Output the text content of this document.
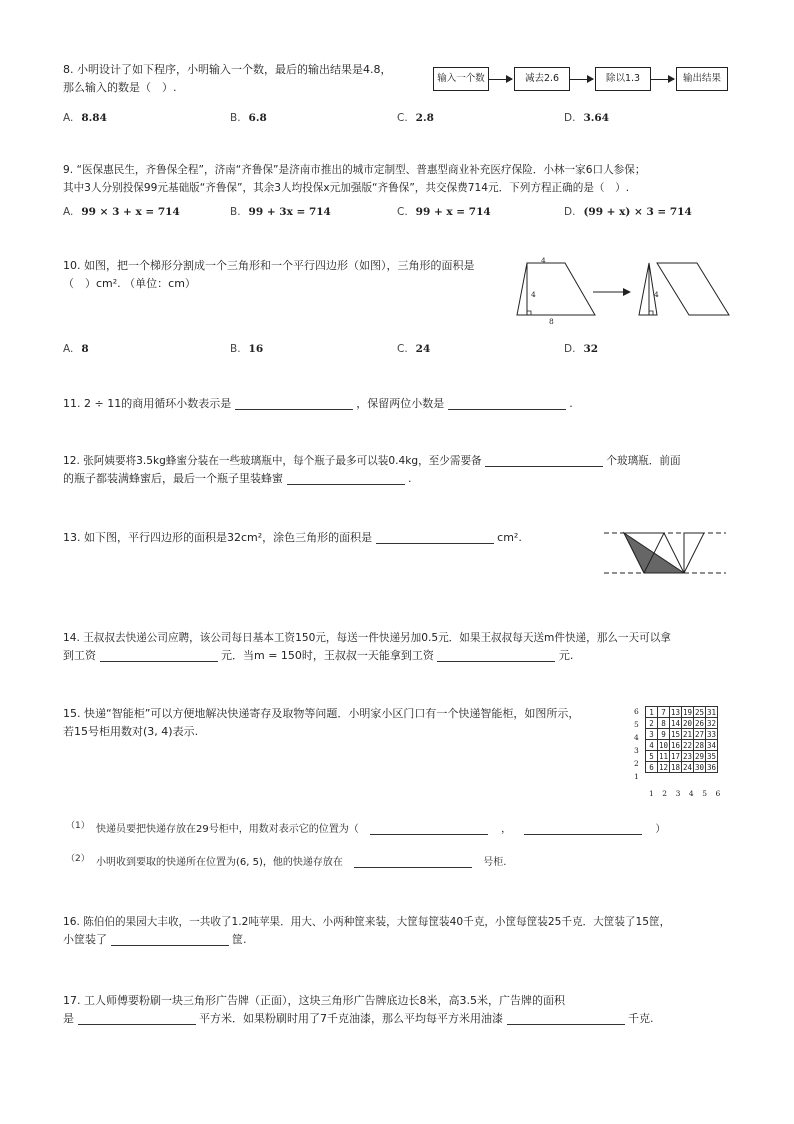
8. 小明设计了如下程序，小明输入一个数，最后的输出结果是4.8，
那么输入的数是（　）.
输入一个数	减去2.6	除以1.3	输出结果
A. 8.84	B. 6.8	C. 2.8	D. 3.64
9. “医保惠民生，齐鲁保全程”，济南“齐鲁保”是济南市推出的城市定制型、普惠型商业补充医疗保险．小林一家6口人参保；
其中3人分别投保99元基础版“齐鲁保”，其余3人均投保x元加强版“齐鲁保”，共交保费714元．下列方程正确的是（　）.
A. 99 × 3 + x = 714	B. 99 + 3x = 714	C. 99 + x = 714	D. (99 + x) × 3 = 714
10. 如图，把一个梯形分割成一个三角形和一个平行四边形（如图），三角形的面积是
（　）cm². （单位：cm）
4
4
8
4
A. 8	B. 16	C. 24	D. 32
11. 2 ÷ 11的商用循环小数表示是	，保留两位小数是	.
12. 张阿姨要将3.5kg蜂蜜分装在一些玻璃瓶中，每个瓶子最多可以装0.4kg，至少需要备	个玻璃瓶．前面
的瓶子都装满蜂蜜后，最后一个瓶子里装蜂蜜	.
13. 如下图，平行四边形的面积是32cm²，涂色三角形的面积是	cm².
14. 王叔叔去快递公司应聘，该公司每日基本工资150元，每送一件快递另加0.5元．如果王叔叔每天送m件快递，那么一天可以拿
到工资	元．当m = 150时，王叔叔一天能拿到工资	元.
15. 快递“智能柜”可以方便地解决快递寄存及取物等问题．小明家小区门口有一个快递智能柜，如图所示，
若15号柜用数对(3, 4)表示.
1	7	13	19	25	31
2	8	14	20	26	32
3	9	15	21	27	33
4	10	16	22	28	34
5	11	17	23	29	35
6	12	18	24	30	36
6
5
4
3
2
1
1 2 3 4 5 6
（1） 快递员要把快递存放在29号柜中，用数对表示它的位置为（	，	）
（2） 小明收到要取的快递所在位置为(6, 5)，他的快递存放在	号柜.
16. 陈伯伯的果园大丰收，一共收了1.2吨苹果．用大、小两种筐来装，大筐每筐装40千克，小筐每筐装25千克．大筐装了15筐，
小筐装了	筐.
17. 工人师傅要粉刷一块三角形广告牌（正面），这块三角形广告牌底边长8米，高3.5米，广告牌的面积
是	平方米．如果粉刷时用了7千克油漆，那么平均每平方米用油漆	千克.
